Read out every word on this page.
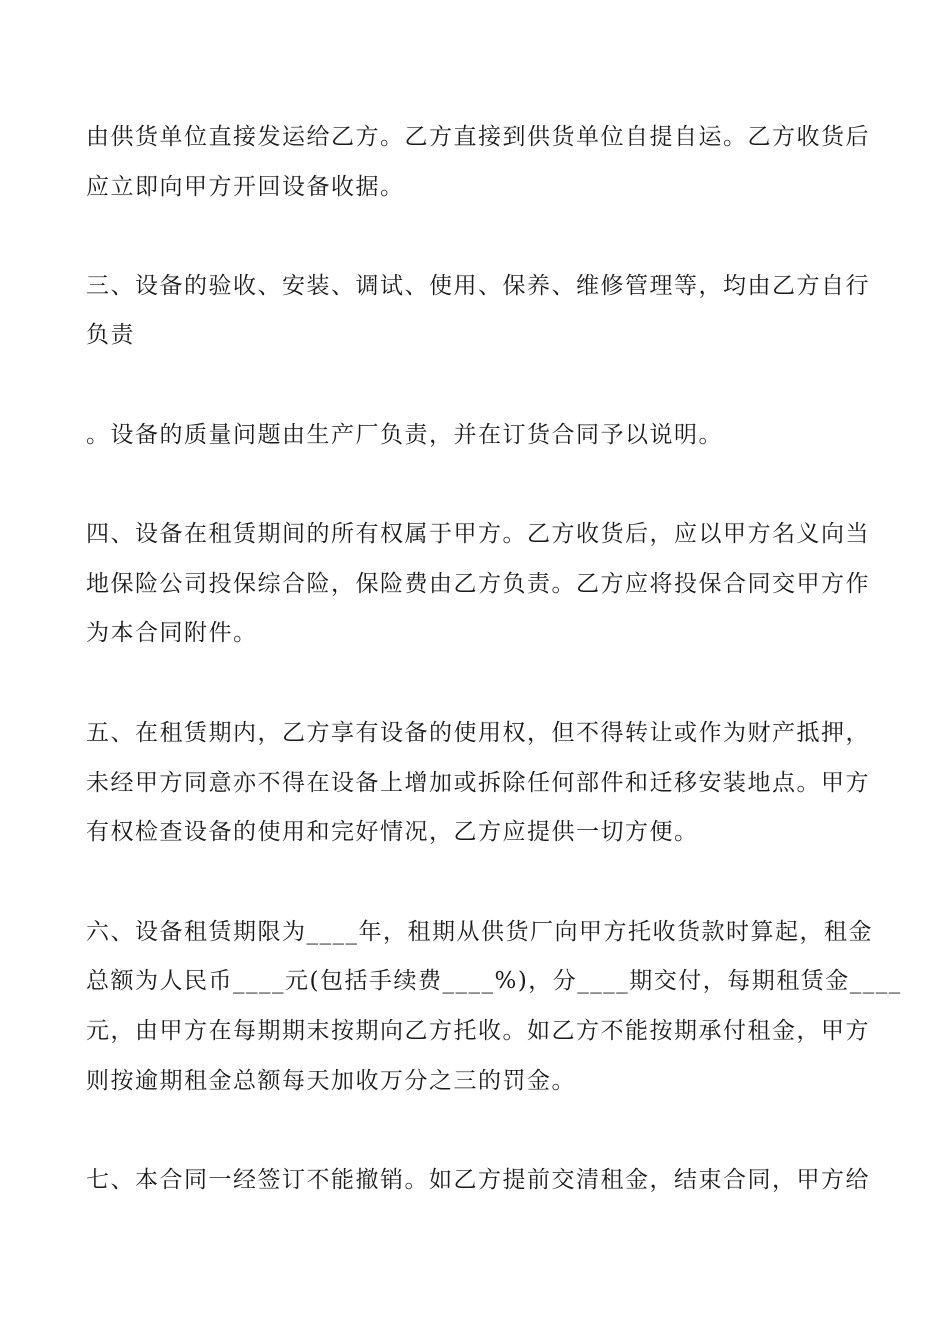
由供货单位直接发运给乙方。乙方直接到供货单位自提自运。乙方收货后
应立即向甲方开回设备收据。
三、设备的验收、安装、调试、使用、保养、维修管理等，均由乙方自行
负责
。设备的质量问题由生产厂负责，并在订货合同予以说明。
四、设备在租赁期间的所有权属于甲方。乙方收货后，应以甲方名义向当
地保险公司投保综合险，保险费由乙方负责。乙方应将投保合同交甲方作
为本合同附件。
五、在租赁期内，乙方享有设备的使用权，但不得转让或作为财产抵押，
未经甲方同意亦不得在设备上增加或拆除任何部件和迁移安装地点。甲方
有权检查设备的使用和完好情况，乙方应提供一切方便。
六、设备租赁期限为____年，租期从供货厂向甲方托收货款时算起，租金
总额为人民币____元(包括手续费____%)，分____期交付，每期租赁金____
元，由甲方在每期期末按期向乙方托收。如乙方不能按期承付租金，甲方
则按逾期租金总额每天加收万分之三的罚金。
七、本合同一经签订不能撤销。如乙方提前交清租金，结束合同，甲方给
